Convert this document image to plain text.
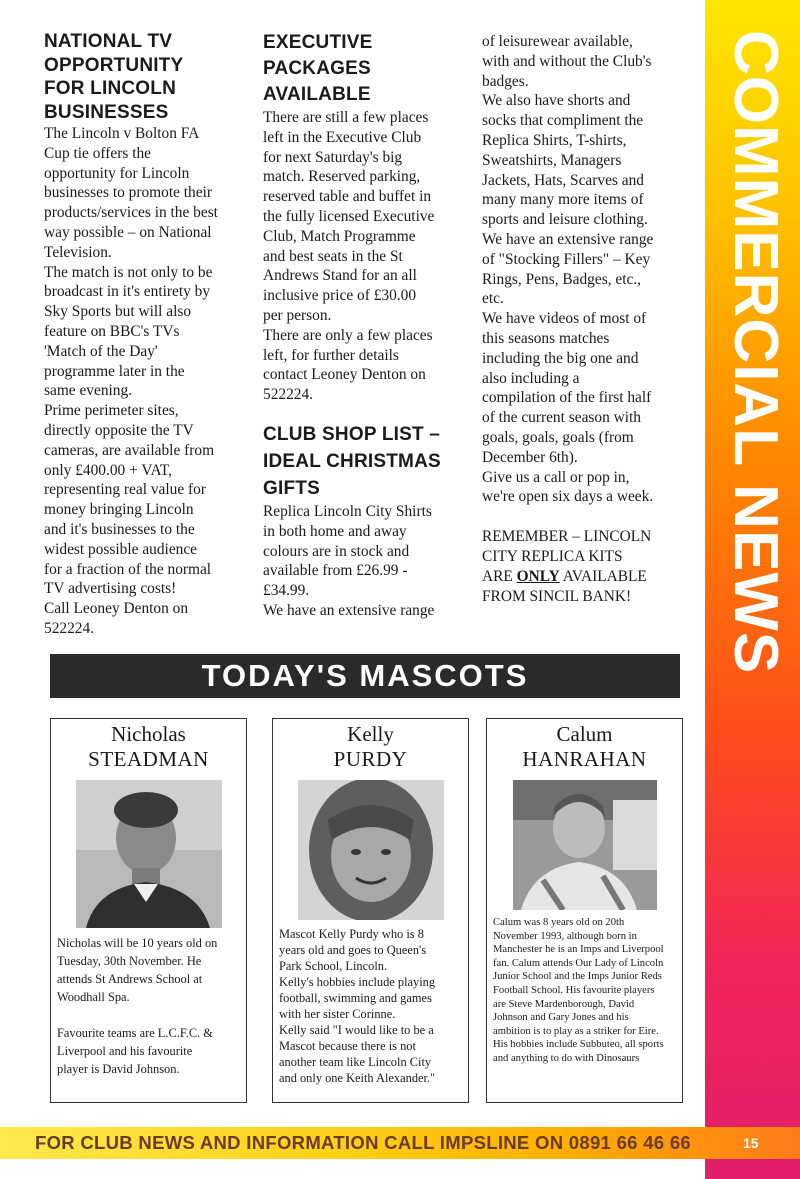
NATIONAL TV
OPPORTUNITY
FOR LINCOLN
BUSINESSES
The Lincoln v Bolton FA
Cup tie offers the
opportunity for Lincoln
businesses to promote their
products/services in the best
way possible – on National
Television.
The match is not only to be
broadcast in it's entirety by
Sky Sports but will also
feature on BBC's TVs
'Match of the Day'
programme later in the
same evening.
Prime perimeter sites,
directly opposite the TV
cameras, are available from
only £400.00 + VAT,
representing real value for
money bringing Lincoln
and it's businesses to the
widest possible audience
for a fraction of the normal
TV advertising costs!
Call Leoney Denton on
522224.
EXECUTIVE
PACKAGES
AVAILABLE
There are still a few places
left in the Executive Club
for next Saturday's big
match. Reserved parking,
reserved table and buffet in
the fully licensed Executive
Club, Match Programme
and best seats in the St
Andrews Stand for an all
inclusive price of £30.00
per person.
There are only a few places
left, for further details
contact Leoney Denton on
522224.
CLUB SHOP LIST –
IDEAL CHRISTMAS
GIFTS
Replica Lincoln City Shirts
in both home and away
colours are in stock and
available from £26.99 -
£34.99.
We have an extensive range
of leisurewear available,
with and without the Club's
badges.
We also have shorts and
socks that compliment the
Replica Shirts, T-shirts,
Sweatshirts, Managers
Jackets, Hats, Scarves and
many many more items of
sports and leisure clothing.
We have an extensive range
of "Stocking Fillers" – Key
Rings, Pens, Badges, etc.,
etc.
We have videos of most of
this seasons matches
including the big one and
also including a
compilation of the first half
of the current season with
goals, goals, goals (from
December 6th).
Give us a call or pop in,
we're open six days a week.
REMEMBER – LINCOLN
CITY REPLICA KITS
ARE ONLY AVAILABLE
FROM SINCIL BANK!	COMMERCIAL NEWS
TODAY'S MASCOTS
Nicholas
STEADMAN
Nicholas will be 10 years old on
Tuesday, 30th November. He
attends St Andrews School at
Woodhall Spa.

Favourite teams are L.C.F.C. &
Liverpool and his favourite
player is David Johnson.
Kelly
PURDY
Mascot Kelly Purdy who is 8
years old and goes to Queen's
Park School, Lincoln.
Kelly's hobbies include playing
football, swimming and games
with her sister Corinne.
Kelly said "I would like to be a
Mascot because there is not
another team like Lincoln City
and only one Keith Alexander."
Calum
HANRAHAN
Calum was 8 years old on 20th
November 1993, although born in
Manchester he is an Imps and Liverpool
fan. Calum attends Our Lady of Lincoln
Junior School and the Imps Junior Reds
Football School. His favourite players
are Steve Mardenborough, David
Johnson and Gary Jones and his
ambition is to play as a striker for Eire.
His hobbies include Subbuteo, all sports
and anything to do with Dinosaurs
FOR CLUB NEWS AND INFORMATION CALL IMPSLINE ON 0891 66 46 66	15
